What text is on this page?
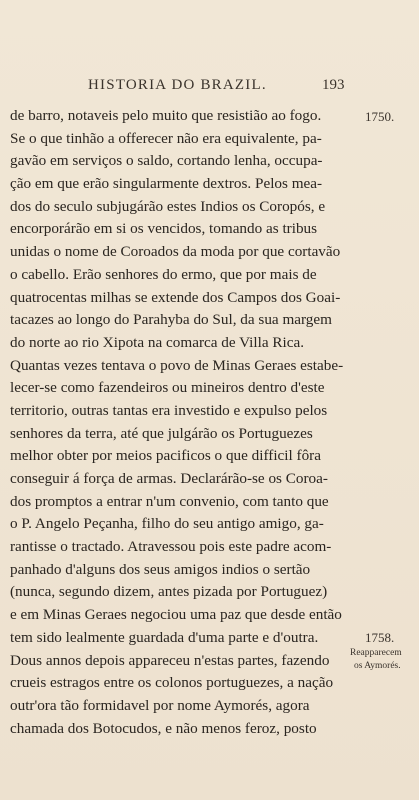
HISTORIA DO BRAZIL.	193
de barro, notaveis pelo muito que resistião ao fogo.
Se o que tinhão a offerecer não era equivalente, pa-
gavão em serviços o saldo, cortando lenha, occupa-
ção em que erão singularmente dextros. Pelos mea-
dos do seculo subjugárão estes Indios os Coropós, e
encorporárão em si os vencidos, tomando as tribus
unidas o nome de Coroados da moda por que cortavão
o cabello. Erão senhores do ermo, que por mais de
quatrocentas milhas se extende dos Campos dos Goai-
tacazes ao longo do Parahyba do Sul, da sua margem
do norte ao rio Xipota na comarca de Villa Rica.
Quantas vezes tentava o povo de Minas Geraes estabe-
lecer-se como fazendeiros ou mineiros dentro d'este
territorio, outras tantas era investido e expulso pelos
senhores da terra, até que julgárão os Portuguezes
melhor obter por meios pacificos o que difficil fôra
conseguir á força de armas. Declarárão-se os Coroa-
dos promptos a entrar n'um convenio, com tanto que
o P. Angelo Peçanha, filho do seu antigo amigo, ga-
rantisse o tractado. Atravessou pois este padre acom-
panhado d'alguns dos seus amigos indios o sertão
(nunca, segundo dizem, antes pizada por Portuguez)
e em Minas Geraes negociou uma paz que desde então
tem sido lealmente guardada d'uma parte e d'outra.
Dous annos depois appareceu n'estas partes, fazendo
crueis estragos entre os colonos portuguezes, a nação
outr'ora tão formidavel por nome Aymorés, agora
chamada dos Botocudos, e não menos feroz, posto
1750.
1758.
Reapparecem
os Aymorés.
